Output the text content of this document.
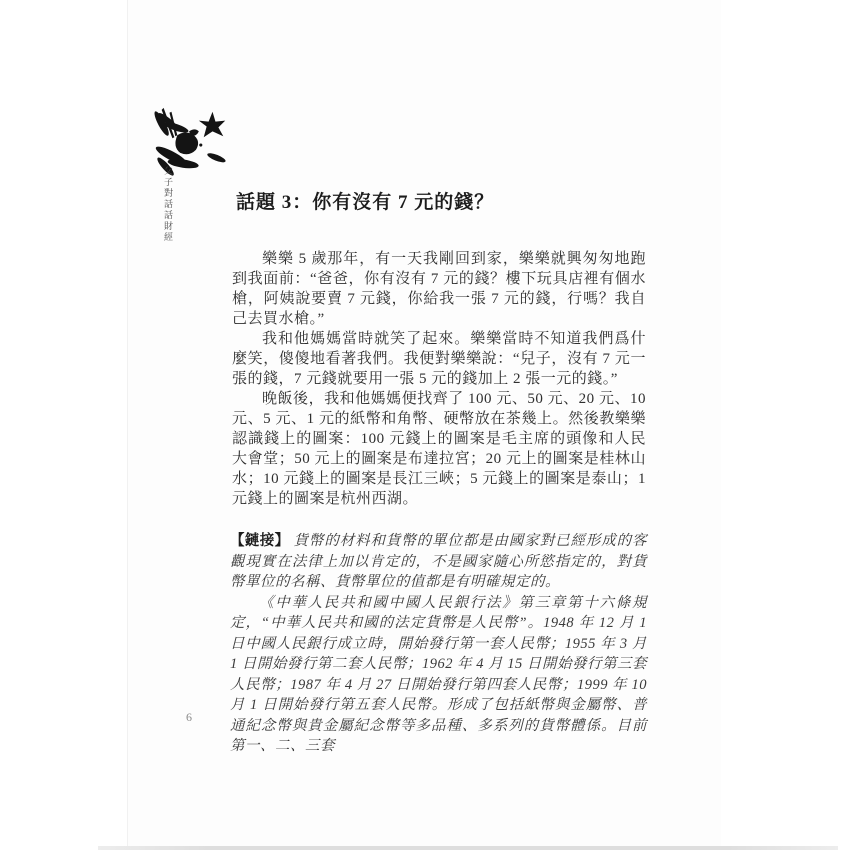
父子對話話財經	話題 3：你有沒有 7 元的錢？

樂樂 5 歲那年，有一天我剛回到家，樂樂就興匆匆地跑到我面前：“爸爸，你有沒有 7 元的錢？樓下玩具店裡有個水槍，阿姨說要賣 7 元錢，你給我一張 7 元的錢，行嗎？我自己去買水槍。”

我和他媽媽當時就笑了起來。樂樂當時不知道我們爲什麼笑，傻傻地看著我們。我便對樂樂說：“兒子，沒有 7 元一張的錢，7 元錢就要用一張 5 元的錢加上 2 張一元的錢。”

晚飯後，我和他媽媽便找齊了 100 元、50 元、20 元、10 元、5 元、1 元的紙幣和角幣、硬幣放在茶幾上。然後教樂樂認識錢上的圖案：100 元錢上的圖案是毛主席的頭像和人民大會堂；50 元上的圖案是布達拉宮；20 元上的圖案是桂林山水；10 元錢上的圖案是長江三峽；5 元錢上的圖案是泰山；1 元錢上的圖案是杭州西湖。

【鏈接】 貨幣的材料和貨幣的單位都是由國家對已經形成的客觀現實在法律上加以肯定的，不是國家隨心所慾指定的，對貨幣單位的名稱、貨幣單位的值都是有明確規定的。

《中華人民共和國中國人民銀行法》第三章第十六條規定，“中華人民共和國的法定貨幣是人民幣”。1948 年 12 月 1 日中國人民銀行成立時，開始發行第一套人民幣；1955 年 3 月 1 日開始發行第二套人民幣；1962 年 4 月 15 日開始發行第三套人民幣；1987 年 4 月 27 日開始發行第四套人民幣；1999 年 10 月 1 日開始發行第五套人民幣。形成了包括紙幣與金屬幣、普通紀念幣與貴金屬紀念幣等多品種、多系列的貨幣體係。目前第一、二、三套

6
